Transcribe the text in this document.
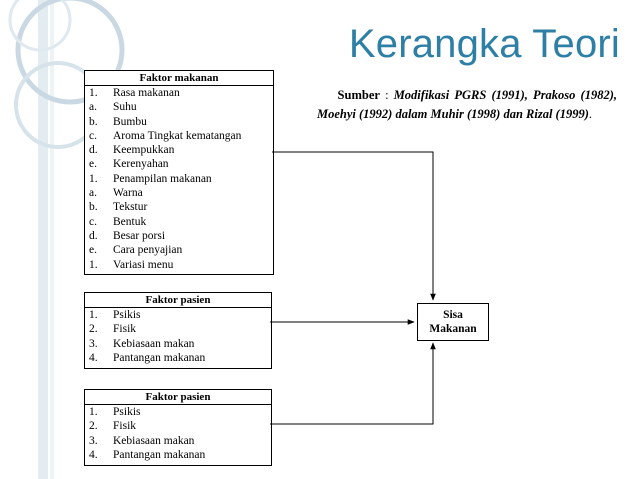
Kerangka Teori
Faktor makanan
1.	Rasa makanan
a.	Suhu
b.	Bumbu
c.	Aroma Tingkat kematangan
d.	Keempukkan
e.	Kerenyahan
1.	Penampilan makanan
a.	Warna
b.	Tekstur
c.	Bentuk
d.	Besar porsi
e.	Cara penyajian
1.	Variasi menu
Faktor pasien
1.	Psikis
2.	Fisik
3.	Kebiasaan makan
4.	Pantangan makanan
Faktor pasien
1.	Psikis
2.	Fisik
3.	Kebiasaan makan
4.	Pantangan makanan
Sumber : Modifikasi PGRS (1991), Prakoso (1982), Moehyi (1992) dalam Muhir (1998) dan Rizal (1999).
Sisa
Makanan
